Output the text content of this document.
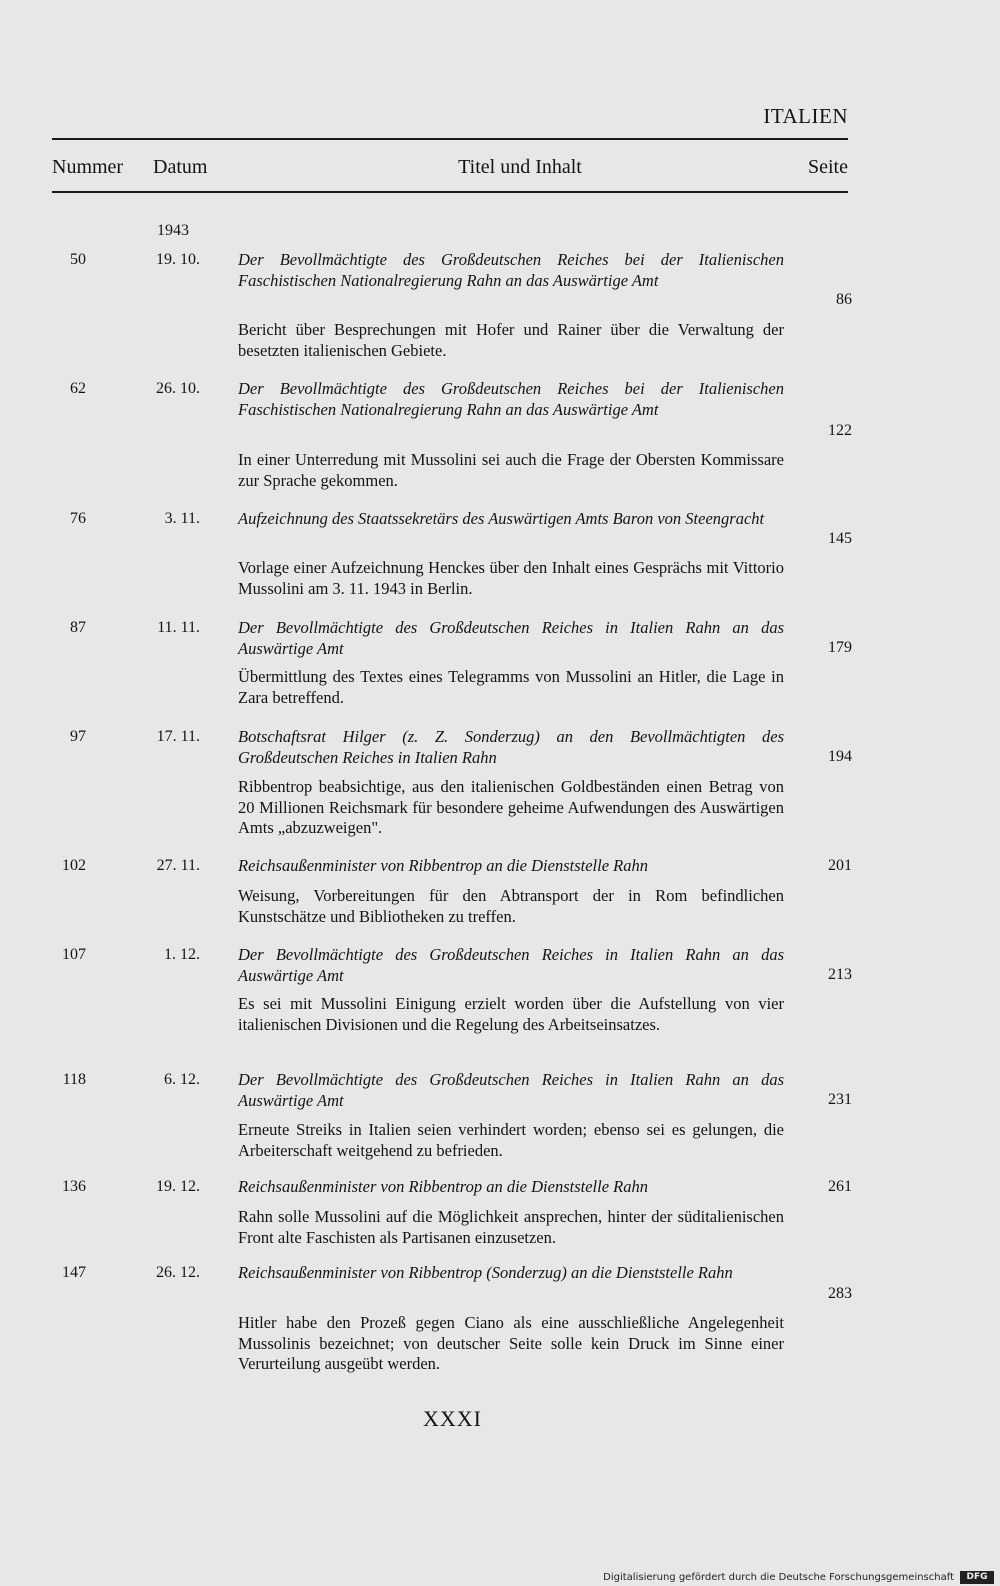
ITALIEN
Nummer Datum	Titel und Inhalt	Seite
1943
50	19. 10. Der Bevollmächtigte des Großdeutschen Reiches bei der Italienischen Faschistischen Nationalregierung Rahn an das Auswärtige Amt
86
Bericht über Besprechungen mit Hofer und Rainer über die Verwaltung der besetzten italienischen Gebiete.
62	26. 10. Der Bevollmächtigte des Großdeutschen Reiches bei der Italienischen Faschistischen Nationalregierung Rahn an das Auswärtige Amt
122
In einer Unterredung mit Mussolini sei auch die Frage der Obersten Kommissare zur Sprache gekommen.
76	3. 11. Aufzeichnung des Staatssekretärs des Auswärtigen Amts Baron von Steengracht
145
Vorlage einer Aufzeichnung Henckes über den Inhalt eines Gesprächs mit Vittorio Mussolini am 3. 11. 1943 in Berlin.
87	11. 11. Der Bevollmächtigte des Großdeutschen Reiches in Italien Rahn an das Auswärtige Amt	179
Übermittlung des Textes eines Telegramms von Mussolini an Hitler, die Lage in Zara betreffend.
97	17. 11. Botschaftsrat Hilger (z. Z. Sonderzug) an den Bevollmächtigten des Großdeutschen Reiches in Italien Rahn	194
Ribbentrop beabsichtige, aus den italienischen Goldbeständen einen Betrag von 20 Millionen Reichsmark für besondere geheime Aufwendungen des Auswärtigen Amts „abzuzweigen".
102	27. 11. Reichsaußenminister von Ribbentrop an die Dienststelle Rahn	201
Weisung, Vorbereitungen für den Abtransport der in Rom befindlichen Kunstschätze und Bibliotheken zu treffen.
107	1. 12. Der Bevollmächtigte des Großdeutschen Reiches in Italien Rahn an das Auswärtige Amt	213
Es sei mit Mussolini Einigung erzielt worden über die Aufstellung von vier italienischen Divisionen und die Regelung des Arbeitseinsatzes.
118	6. 12. Der Bevollmächtigte des Großdeutschen Reiches in Italien Rahn an das Auswärtige Amt	231
Erneute Streiks in Italien seien verhindert worden; ebenso sei es gelungen, die Arbeiterschaft weitgehend zu befrieden.
136	19. 12. Reichsaußenminister von Ribbentrop an die Dienststelle Rahn	261
Rahn solle Mussolini auf die Möglichkeit ansprechen, hinter der süditalienischen Front alte Faschisten als Partisanen einzusetzen.
147	26. 12. Reichsaußenminister von Ribbentrop (Sonderzug) an die Dienststelle Rahn
283
Hitler habe den Prozeß gegen Ciano als eine ausschließliche Angelegenheit Mussolinis bezeichnet; von deutscher Seite solle kein Druck im Sinne einer Verurteilung ausgeübt werden.
XXXI
Digitalisierung gefördert durch die Deutsche Forschungsgemeinschaft	DFG
